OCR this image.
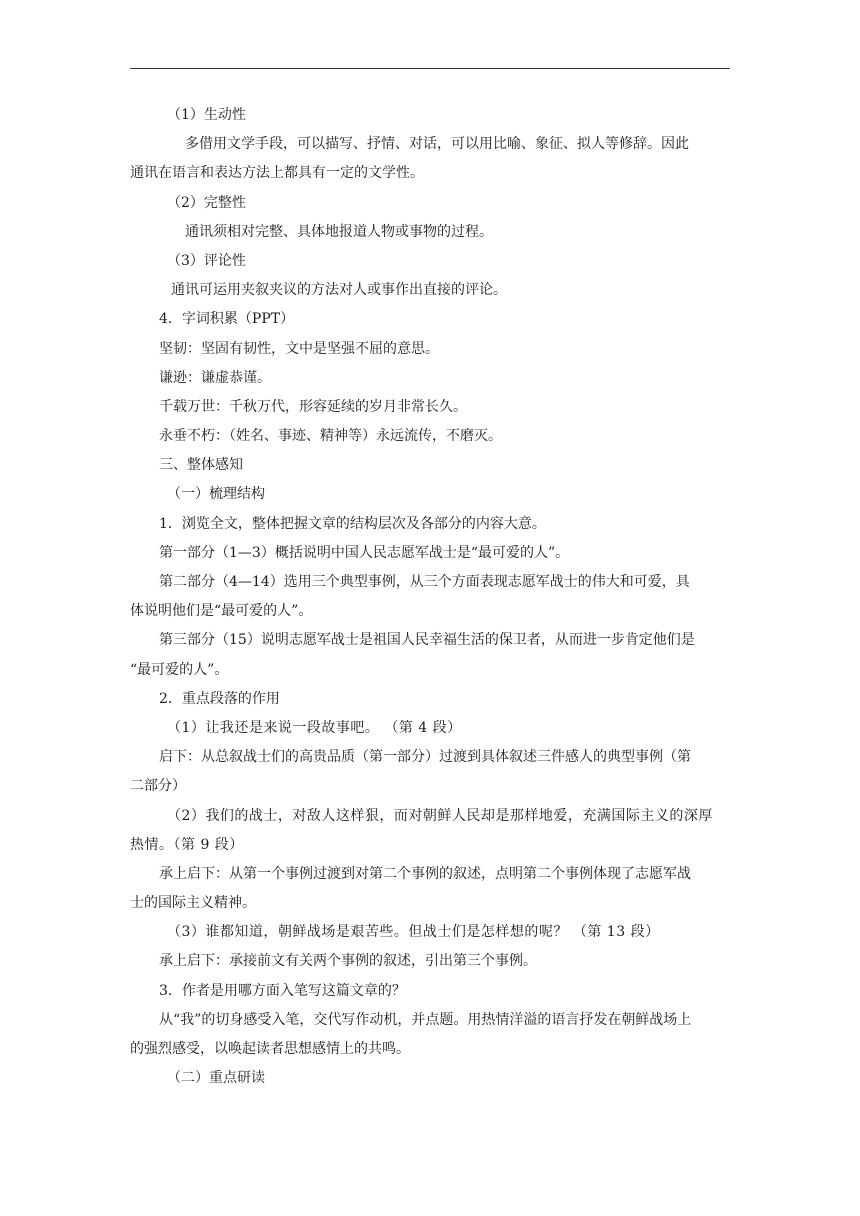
（1）生动性
多借用文学手段，可以描写、抒情、对话，可以用比喻、象征、拟人等修辞。因此
通讯在语言和表达方法上都具有一定的文学性。
（2）完整性
通讯须相对完整、具体地报道人物或事物的过程。
（3）评论性
通讯可运用夹叙夹议的方法对人或事作出直接的评论。
4．字词积累（PPT）
坚韧：坚固有韧性，文中是坚强不屈的意思。
谦逊：谦虚恭谨。
千载万世：千秋万代，形容延续的岁月非常长久。
永垂不朽：（姓名、事迹、精神等）永远流传，不磨灭。
三、整体感知
（一）梳理结构
1．浏览全文，整体把握文章的结构层次及各部分的内容大意。
第一部分（1—3）概括说明中国人民志愿军战士是“最可爱的人”。
第二部分（4—14）选用三个典型事例，从三个方面表现志愿军战士的伟大和可爱，具
体说明他们是“最可爱的人”。
第三部分（15）说明志愿军战士是祖国人民幸福生活的保卫者，从而进一步肯定他们是
“最可爱的人”。
2．重点段落的作用
（1）让我还是来说一段故事吧。 （第 4 段）
启下：从总叙战士们的高贵品质（第一部分）过渡到具体叙述三件感人的典型事例（第
二部分）
（2）我们的战士，对敌人这样狠，而对朝鲜人民却是那样地爱，充满国际主义的深厚
热情。（第 9 段）
承上启下：从第一个事例过渡到对第二个事例的叙述，点明第二个事例体现了志愿军战
士的国际主义精神。
（3）谁都知道，朝鲜战场是艰苦些。但战士们是怎样想的呢？ （第 13 段）
承上启下：承接前文有关两个事例的叙述，引出第三个事例。
3．作者是用哪方面入笔写这篇文章的？
从“我”的切身感受入笔，交代写作动机，并点题。用热情洋溢的语言抒发在朝鲜战场上
的强烈感受，以唤起读者思想感情上的共鸣。
（二）重点研读
